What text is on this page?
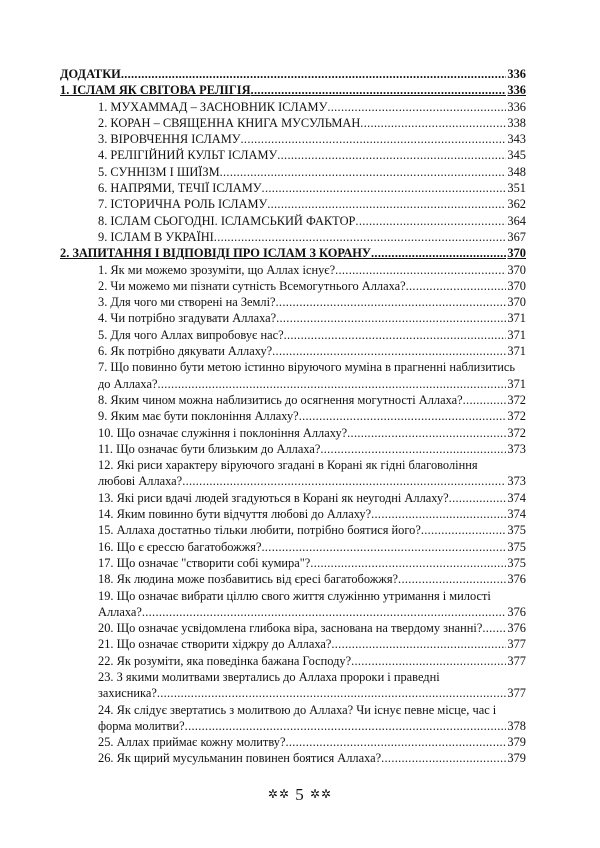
ДОДАТКИ .....	336
1. ІСЛАМ ЯК СВІТОВА РЕЛІГІЯ .....	336
1. МУХАММАД – ЗАСНОВНИК ІСЛАМУ .....	336
2. КОРАН – СВЯЩЕННА КНИГА МУСУЛЬМАН .....	338
3. ВІРОВЧЕННЯ ІСЛАМУ .....	343
4. РЕЛІГІЙНИЙ КУЛЬТ ІСЛАМУ .....	345
5. СУННІЗМ І ШИЇЗМ .....	348
6. НАПРЯМИ, ТЕЧІЇ ІСЛАМУ .....	351
7. ІСТОРИЧНА РОЛЬ ІСЛАМУ .....	362
8. ІСЛАМ СЬОГОДНІ. ІСЛАМСЬКИЙ ФАКТОР .....	364
9. ІСЛАМ В УКРАЇНІ .....	367
2. ЗАПИТАННЯ І ВІДПОВІДІ ПРО ІСЛАМ З КОРАНУ .....	370
1. Як ми можемо зрозуміти, що Аллах існує? .....	370
2. Чи можемо ми пізнати сутність Всемогутнього Аллаха? .....	370
3. Для чого ми створені на Землі? .....	370
4. Чи потрібно згадувати Аллаха? .....	371
5. Для чого Аллах випробовує нас? .....	371
6. Як потрібно дякувати Аллаху? .....	371
7. Що повинно бути метою істинно віруючого муміна в прагненні наблизитись
до Аллаха? .....	371
8. Яким чином можна наблизитись до осягнення могутності Аллаха? .....	372
9. Яким має бути поклоніння Аллаху? .....	372
10. Що означає служіння і поклоніння Аллаху? .....	372
11. Що означає бути близьким до Аллаха? .....	373
12. Які риси характеру віруючого згадані в Корані як гідні благовоління
любові Аллаха? .....	373
13. Які риси вдачі людей згадуються в Корані як неугодні Аллаху? .....	374
14. Яким повинно бути відчуття любові до Аллаху? .....	374
15. Аллаха достатньо тільки любити, потрібно боятися його? .....	375
16. Що є єрессю багатобожжя? .....	375
17. Що означає "створити собі кумира"? .....	375
18. Як людина може позбавитись від єресі багатобожжя? .....	376
19. Що означає вибрати ціллю свого життя служінню утримання і милості
Аллаха? .....	376
20. Що означає усвідомлена глибока віра, заснована на твердому знанні? ..... 376
21. Що означає створити хіджру до Аллаха? .....	377
22. Як розуміти, яка поведінка бажана Господу? .....	377
23. З якими молитвами звертались до Аллаха пророки і праведні
захисника? .....	377
24. Як слідує звертатись з молитвою до Аллаха? Чи існує певне місце, час і
форма молитви? .....	378
25. Аллах приймає кожну молитву? .....	379
26. Як щирий мусульманин повинен боятися Аллаха? .....	379
✲✲ 5 ✲✲
